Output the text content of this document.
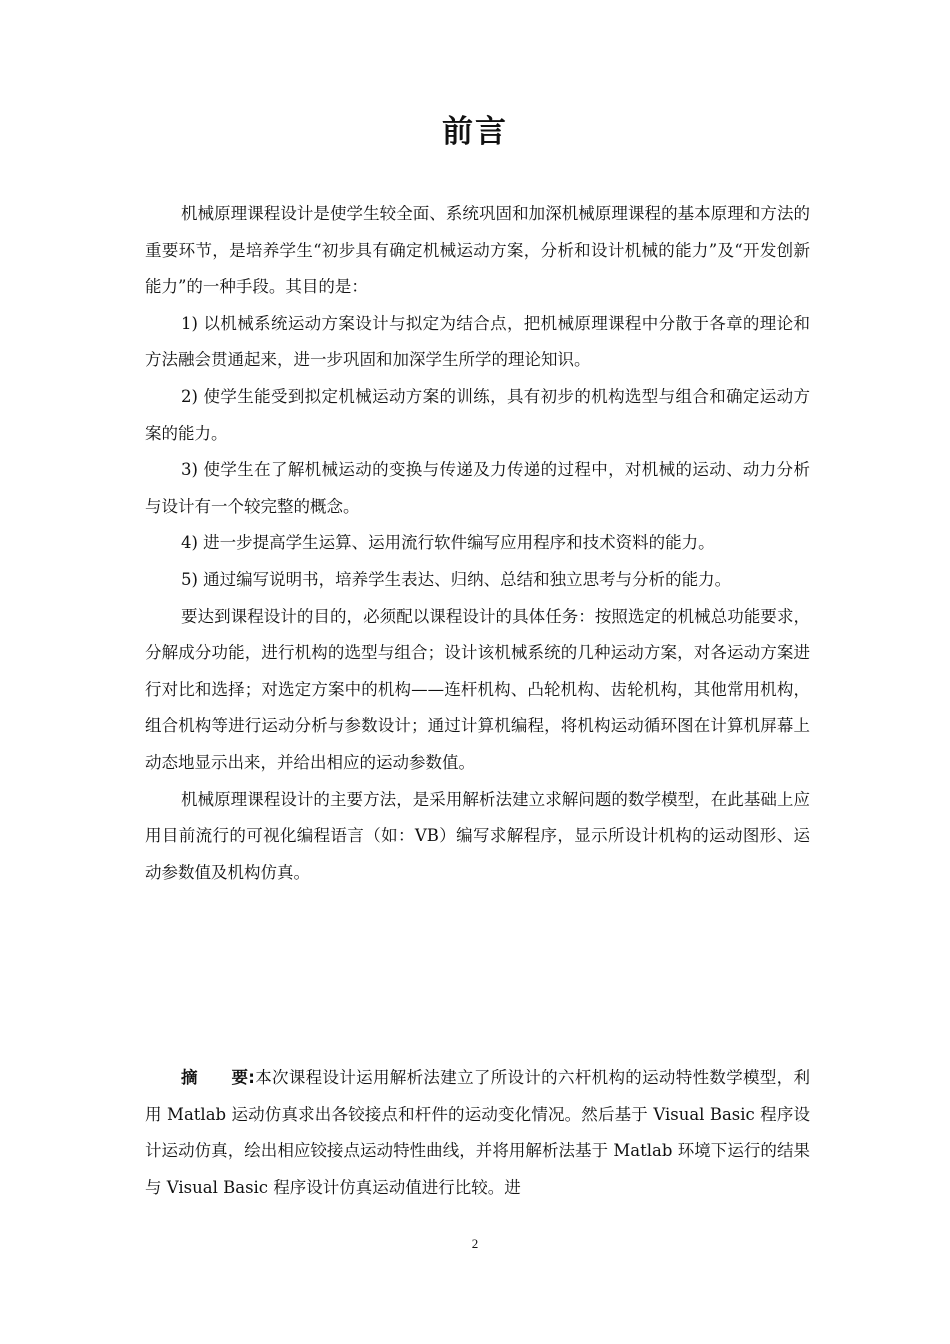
前言

机械原理课程设计是使学生较全面、系统巩固和加深机械原理课程的基本原理和方法的重要环节，是培养学生“初步具有确定机械运动方案，分析和设计机械的能力”及“开发创新能力”的一种手段。其目的是：

1) 以机械系统运动方案设计与拟定为结合点，把机械原理课程中分散于各章的理论和方法融会贯通起来，进一步巩固和加深学生所学的理论知识。

2) 使学生能受到拟定机械运动方案的训练，具有初步的机构选型与组合和确定运动方案的能力。

3) 使学生在了解机械运动的变换与传递及力传递的过程中，对机械的运动、动力分析与设计有一个较完整的概念。

4) 进一步提高学生运算、运用流行软件编写应用程序和技术资料的能力。

5) 通过编写说明书，培养学生表达、归纳、总结和独立思考与分析的能力。

要达到课程设计的目的，必须配以课程设计的具体任务：按照选定的机械总功能要求，分解成分功能，进行机构的选型与组合；设计该机械系统的几种运动方案，对各运动方案进行对比和选择；对选定方案中的机构——连杆机构、凸轮机构、齿轮机构，其他常用机构，组合机构等进行运动分析与参数设计；通过计算机编程，将机构运动循环图在计算机屏幕上动态地显示出来，并给出相应的运动参数值。

机械原理课程设计的主要方法，是采用解析法建立求解问题的数学模型，在此基础上应用目前流行的可视化编程语言（如：VB）编写求解程序，显示所设计机构的运动图形、运动参数值及机构仿真。

摘　　要:本次课程设计运用解析法建立了所设计的六杆机构的运动特性数学模型，利用 Matlab 运动仿真求出各铰接点和杆件的运动变化情况。然后基于 Visual Basic 程序设计运动仿真，绘出相应铰接点运动特性曲线，并将用解析法基于 Matlab 环境下运行的结果与 Visual Basic 程序设计仿真运动值进行比较。进

2
